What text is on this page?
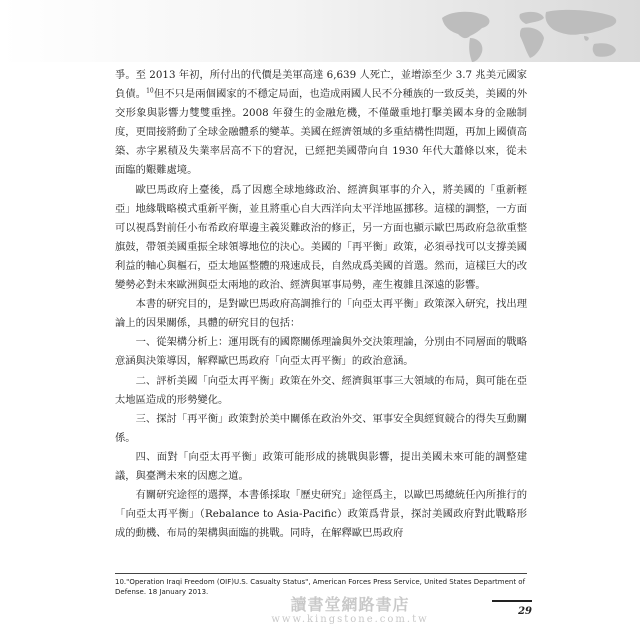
爭。至 2013 年初，所付出的代價是美軍高達 6,639 人死亡，並增添至少 3.7 兆美元國家負債。$^{10}$但不只是兩個國家的不穩定局面，也造成兩國人民不分種族的一致反美，美國的外交形象與影響力雙雙重挫。2008 年發生的金融危機，不僅嚴重地打擊美國本身的金融制度，更間接將動了全球金融體系的變革。美國在經濟領域的多重結構性問題，再加上國債高築、赤字累積及失業率居高不下的窘況，已經把美國帶向自 1930 年代大蕭條以來，從未面臨的艱難處境。

歐巴馬政府上臺後，爲了因應全球地緣政治、經濟與軍事的介入，將美國的「重新輕亞」地緣戰略模式重新平衡，並且將重心自大西洋向太平洋地區挪移。這樣的調整，一方面可以視爲對前任小布希政府單邊主義災難政治的修正，另一方面也顯示歐巴馬政府急欲重整旗鼓，帶領美國重振全球領導地位的決心。美國的「再平衡」政策，必須尋找可以支撐美國利益的軸心與樞石，亞太地區整體的飛速成長，自然成爲美國的首選。然而，這樣巨大的改變勢必對未來歐洲與亞太兩地的政治、經濟與軍事局勢，產生複雜且深遠的影響。

本書的研究目的，是對歐巴馬政府高調推行的「向亞太再平衡」政策深入研究，找出理論上的因果關係，具體的研究目的包括：

一、從架構分析上：運用既有的國際關係理論與外交決策理論，分別由不同層面的戰略意涵與決策導因，解釋歐巴馬政府「向亞太再平衡」的政治意涵。

二、評析美國「向亞太再平衡」政策在外交、經濟與軍事三大領域的布局，與可能在亞太地區造成的形勢變化。

三、探討「再平衡」政策對於美中關係在政治外交、軍事安全與經貿競合的得失互動關係。

四、面對「向亞太再平衡」政策可能形成的挑戰與影響，提出美國未來可能的調整建議，與臺灣未來的因應之道。

有關研究途徑的選擇，本書係採取「歷史研究」途徑爲主，以歐巴馬總統任內所推行的「向亞太再平衡」（Rebalance to Asia-Pacific）政策爲背景，探討美國政府對此戰略形成的動機、布局的架構與面臨的挑戰。同時，在解釋歐巴馬政府

10."Operation Iraqi Freedom (OIF)U.S. Casualty Status", American Forces Press Service, United States Department of Defense. 18 January 2013.
讀書堂網路書店
www.kingstone.com.tw
29
